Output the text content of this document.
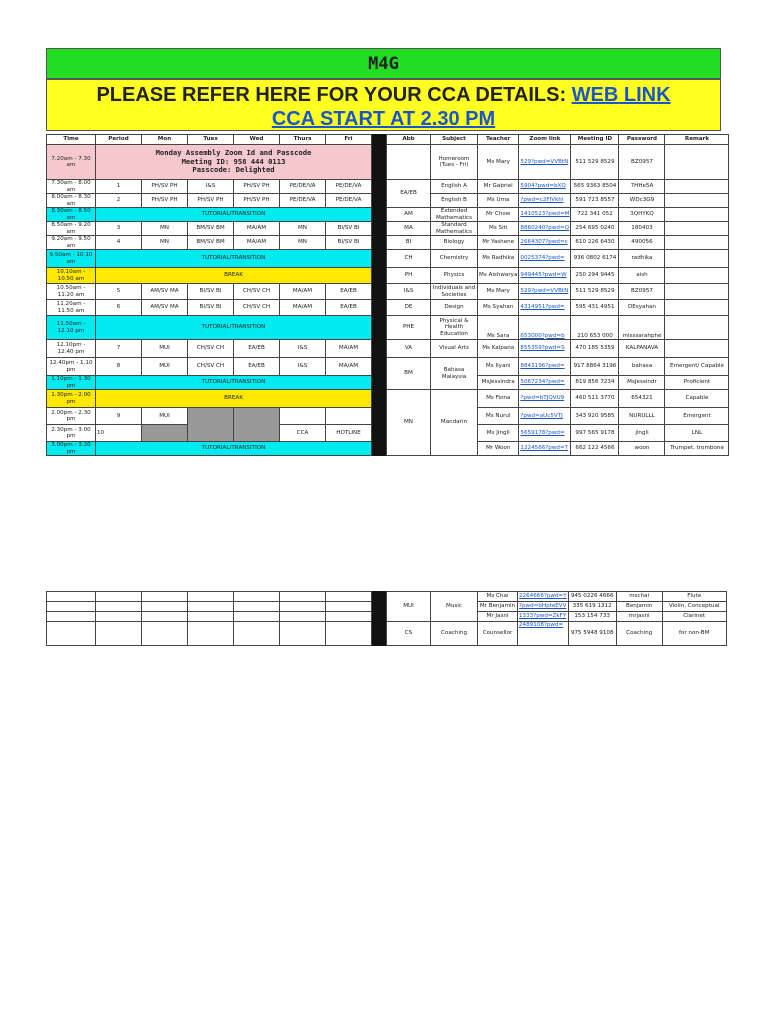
M4G
PLEASE REFER HERE FOR YOUR CCA DETAILS: WEB LINK
CCA START AT 2.30 PM
Time	Period	Mon	Tues	Wed	Thurs	Fri	
7.20am - 7.30 am	Monday Assembly Zoom Id and Passcode
Meeting ID: 958 444 0113
Passcode: Delighted						

7.30am - 8.00 am	1	PH/SV PH	I&S	PH/SV PH	PE/DE/VA	PE/DE/VA	
8.00am - 8.30 am	2	PH/SV PH	PH/SV PH	PH/SV PH	PE/DE/VA	PE/DE/VA	
8.30am - 8.50 am	TUTORIAL/TRANSITION						
8.50am - 9.20 am	3	MN	BM/SV BM	MA/AM	MN	BI/SV BI	
9.20am - 9.50 am	4	MN	BM/SV BM	MA/AM	MN	BI/SV BI	
9.50am - 10.10 am	TUTORIAL/TRANSITION						
10.10am - 10.50 am	BREAK						
10.50am - 11.20 am	5	AM/SV MA	BI/SV BI	CH/SV CH	MA/AM	EA/EB	
11.20am - 11.50 am	6	AM/SV MA	BI/SV BI	CH/SV CH	MA/AM	EA/EB	
11.50am - 12.10 pm	TUTORIAL/TRANSITION						
12.10pm - 12.40 pm	7	MUI	CH/SV CH	EA/EB	I&S	MA/AM	
12.40pm - 1.10 pm	8	MUI	CH/SV CH	EA/EB	I&S	MA/AM	
1.10pm - 1.30 pm	TUTORIAL/TRANSITION						
1.30pm - 2.00 pm	BREAK						
2.00pm - 2.30 pm	9	MUI					
2.30pm - 3.00 pm	10				CCA	HOTLINE	
3.00pm - 3.20 pm	TUTORIAL/TRANSITION						
Abb	Subject	Teacher	Zoom link	Meeting ID	Password	Remark
	Homeroom (Tues - Fri)	Ms Mary	529?pwd=VVBtN	511 529 8529	BZ0957	
EA/EB	English A	Mr Gabriel	5904?pwd=bXQ	565 9363 8504	7HHe5A	
	English B	Ms Uma	?pwd=c2FIVkhi	591 723 8557	WDc3G9	
AM	Extended Mathematics	Mr Chow	1410523?pwd=M	722 341 052	3QHYKQ	
MA	Standard Mathematics	Ms Siti	8860240?pwd=Q	254 695 0240	180403	
BI	Biology	Mr Yashene	2664307?pwd=c	610 226 6430	490056	
CH	Chemistry	Ms Radhika	0025374?pwd=	936 0802 6174	radhika	
PH	Physics	Ms Aishwarya	949445?pwd=W	250 294 9445	aish	
I&S	Individuals and Societies	Ms Mary	529?pwd=VVBtN	511 529 8529	BZ0957	
DE	Design	Ms Syahan	4314951?pwd=	595 431 4951	DEsyahan	
PHE	Physical & Health Education	Ms Sara	653000?pwd=b	210 653 000	misssarahphe	
VA	Visual Arts	Ms Kalpana	855359?pwd=S	470 185 5359	KALPANAVA	
BM	Bahasa Malaysia	Ms Ilyani	8843196?pwd=	917 8864 3196	bahasa	Emergent/ Capable
		MsJessindra	5067234?pwd=	819 856 7234	MsJessindr	Proficient
MN	Mandarin	Ms Fiona	?pwd=bTJQVU9	460 511 3770	654321	Capable
		Ms Nurul	?pwd=aUc5VTJ	343 920 9585	NURULLL	Emergent
		Ms Jingli	5659178?pwd=	997 565 9178	jingli	LNL
		Mr Woon	1224566?pwd=T	662 122 4566	woon	Trumpet, trombone

MUI	Music	Ms Chai	2264666?pwd=Y	945 0226 4666	mschai	Flute
		Mr Benjamin	?pwd=bHpteEVV	335 619 1312	Benjamin	Violin, Conceptual
		Mr Jasni	1333?pwd=ZkFY	153 154 733	mrjasni	Clarinet
CS	Coaching	Counsellor	2489108?pwd=	975 5948 9108	Coaching	for non-BM
